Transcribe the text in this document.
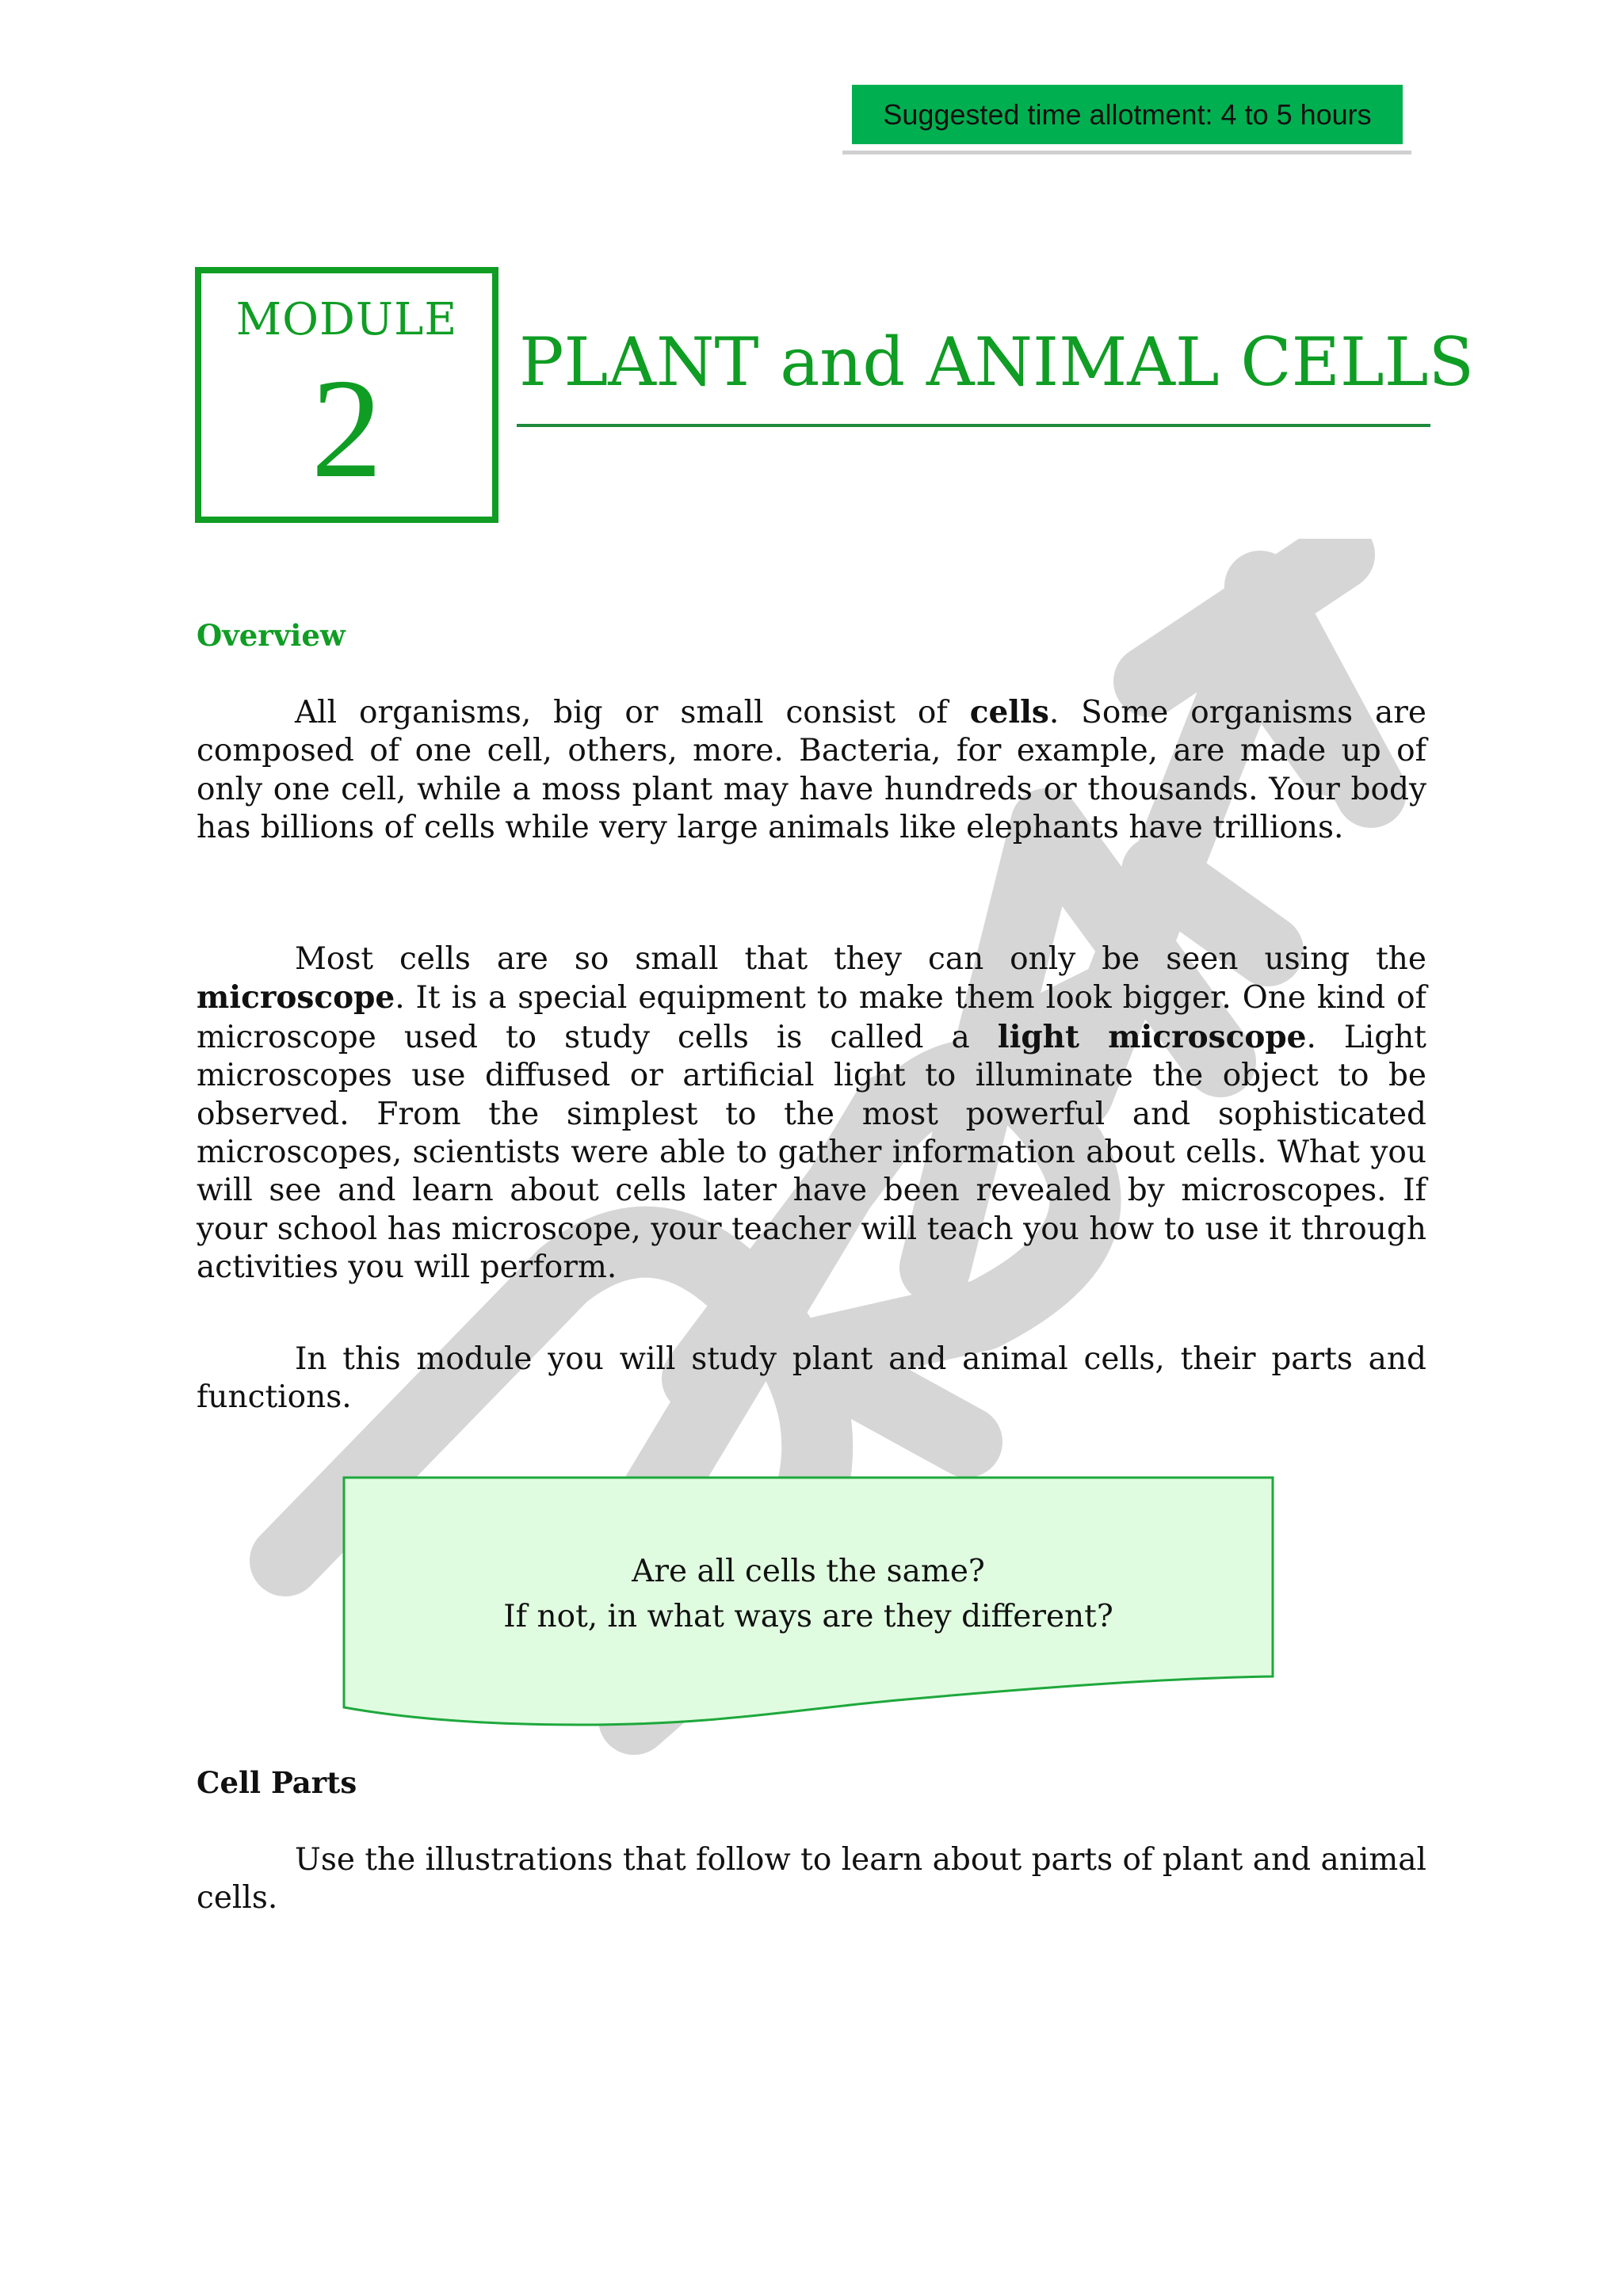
Suggested time allotment: 4 to 5 hours
MODULE
2	PLANT and ANIMAL CELLS
Overview

All organisms, big or small consist of cells. Some organisms are composed of one cell, others, more. Bacteria, for example, are made up of only one cell, while a moss plant may have hundreds or thousands. Your body has billions of cells while very large animals like elephants have trillions.

Most cells are so small that they can only be seen using the microscope. It is a special equipment to make them look bigger. One kind of microscope used to study cells is called a light microscope. Light microscopes use diffused or artificial light to illuminate the object to be observed. From the simplest to the most powerful and sophisticated microscopes, scientists were able to gather information about cells. What you will see and learn about cells later have been revealed by microscopes. If your school has microscope, your teacher will teach you how to use it through activities you will perform.

In this module you will study plant and animal cells, their parts and functions.

Are all cells the same?
If not, in what ways are they different?
Cell Parts

Use the illustrations that follow to learn about parts of plant and animal cells.
